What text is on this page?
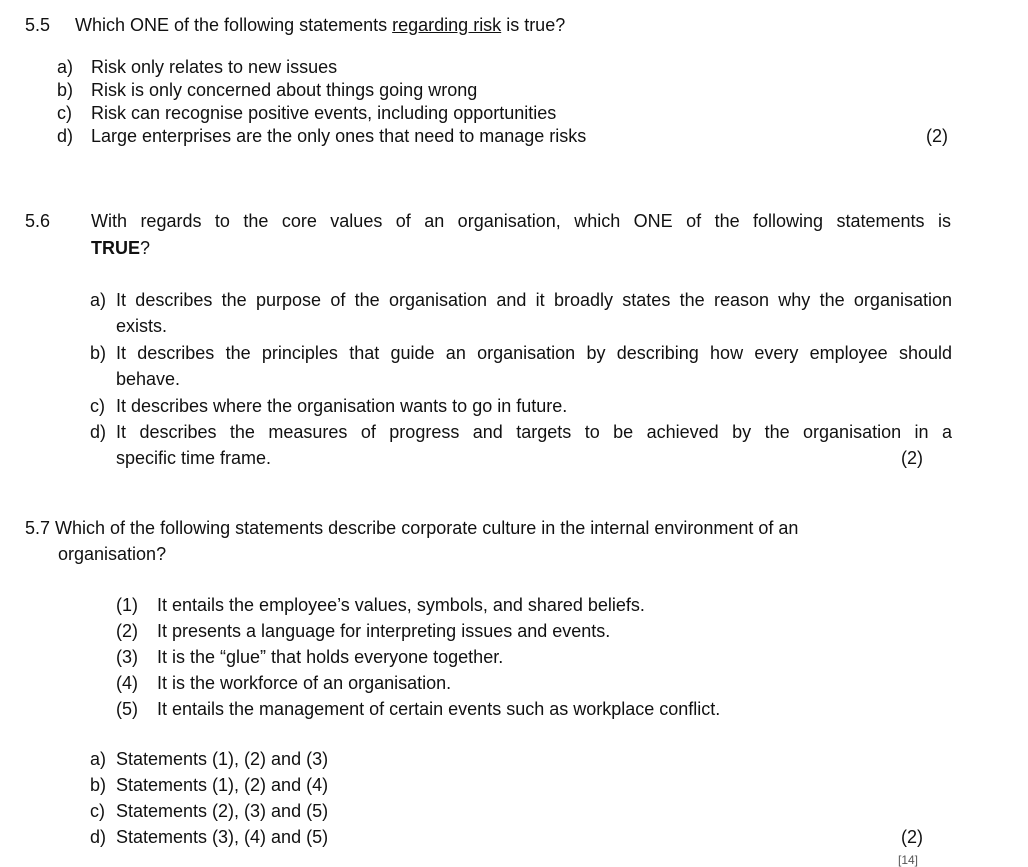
5.5 Which ONE of the following statements regarding risk is true?
a) Risk only relates to new issues
b) Risk is only concerned about things going wrong
c) Risk can recognise positive events, including opportunities
d) Large enterprises are the only ones that need to manage risks	(2)
5.6 With regards to the core values of an organisation, which ONE of the following statements is
TRUE?
a) It describes the purpose of the organisation and it broadly states the reason why the organisation
exists.
b) It describes the principles that guide an organisation by describing how every employee should
behave.
c) It describes where the organisation wants to go in future.
d) It describes the measures of progress and targets to be achieved by the organisation in a
specific time frame.	(2)
5.7 Which of the following statements describe corporate culture in the internal environment of an
organisation?
(1) It entails the employee’s values, symbols, and shared beliefs.
(2) It presents a language for interpreting issues and events.
(3) It is the “glue” that holds everyone together.
(4) It is the workforce of an organisation.
(5) It entails the management of certain events such as workplace conflict.
a) Statements (1), (2) and (3)
b) Statements (1), (2) and (4)
c) Statements (2), (3) and (5)
d) Statements (3), (4) and (5)	(2)
[14]
